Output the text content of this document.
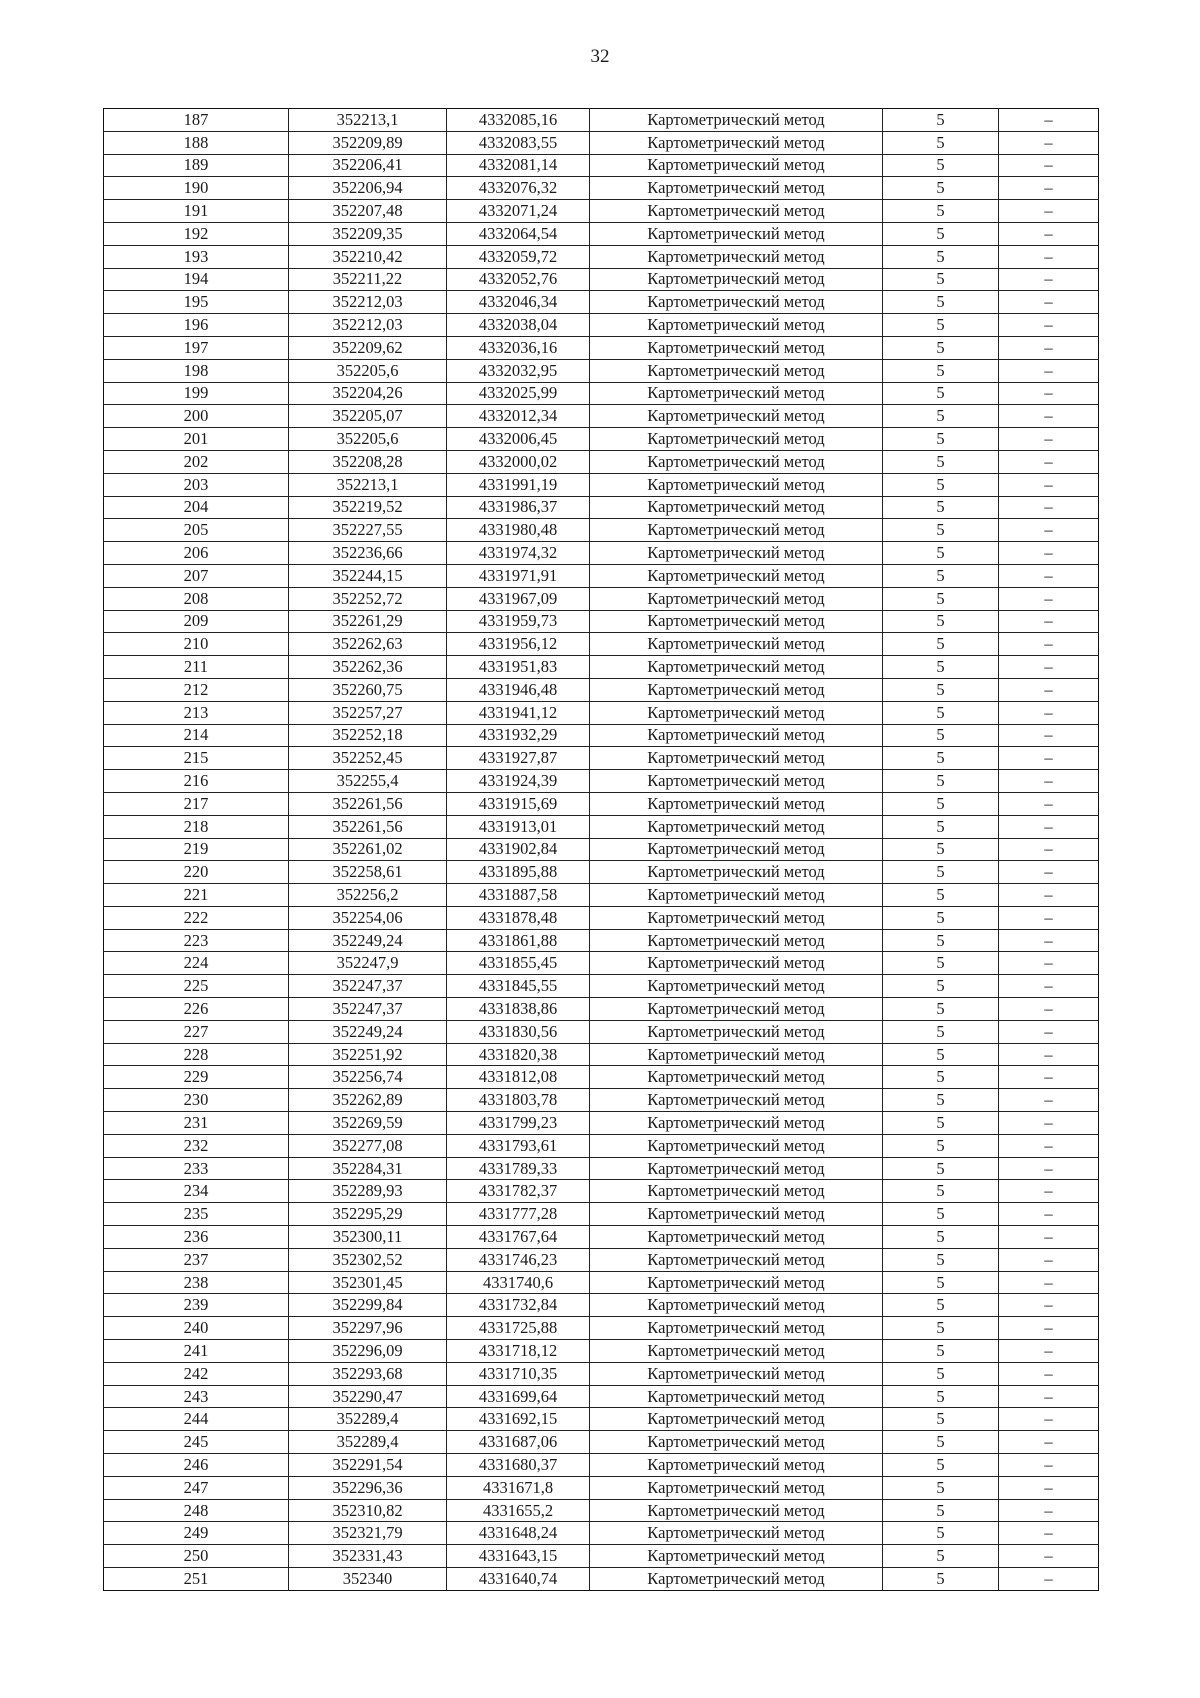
32
187	352213,1	4332085,16	Картометрический метод	5	–
188	352209,89	4332083,55	Картометрический метод	5	–
189	352206,41	4332081,14	Картометрический метод	5	–
190	352206,94	4332076,32	Картометрический метод	5	–
191	352207,48	4332071,24	Картометрический метод	5	–
192	352209,35	4332064,54	Картометрический метод	5	–
193	352210,42	4332059,72	Картометрический метод	5	–
194	352211,22	4332052,76	Картометрический метод	5	–
195	352212,03	4332046,34	Картометрический метод	5	–
196	352212,03	4332038,04	Картометрический метод	5	–
197	352209,62	4332036,16	Картометрический метод	5	–
198	352205,6	4332032,95	Картометрический метод	5	–
199	352204,26	4332025,99	Картометрический метод	5	–
200	352205,07	4332012,34	Картометрический метод	5	–
201	352205,6	4332006,45	Картометрический метод	5	–
202	352208,28	4332000,02	Картометрический метод	5	–
203	352213,1	4331991,19	Картометрический метод	5	–
204	352219,52	4331986,37	Картометрический метод	5	–
205	352227,55	4331980,48	Картометрический метод	5	–
206	352236,66	4331974,32	Картометрический метод	5	–
207	352244,15	4331971,91	Картометрический метод	5	–
208	352252,72	4331967,09	Картометрический метод	5	–
209	352261,29	4331959,73	Картометрический метод	5	–
210	352262,63	4331956,12	Картометрический метод	5	–
211	352262,36	4331951,83	Картометрический метод	5	–
212	352260,75	4331946,48	Картометрический метод	5	–
213	352257,27	4331941,12	Картометрический метод	5	–
214	352252,18	4331932,29	Картометрический метод	5	–
215	352252,45	4331927,87	Картометрический метод	5	–
216	352255,4	4331924,39	Картометрический метод	5	–
217	352261,56	4331915,69	Картометрический метод	5	–
218	352261,56	4331913,01	Картометрический метод	5	–
219	352261,02	4331902,84	Картометрический метод	5	–
220	352258,61	4331895,88	Картометрический метод	5	–
221	352256,2	4331887,58	Картометрический метод	5	–
222	352254,06	4331878,48	Картометрический метод	5	–
223	352249,24	4331861,88	Картометрический метод	5	–
224	352247,9	4331855,45	Картометрический метод	5	–
225	352247,37	4331845,55	Картометрический метод	5	–
226	352247,37	4331838,86	Картометрический метод	5	–
227	352249,24	4331830,56	Картометрический метод	5	–
228	352251,92	4331820,38	Картометрический метод	5	–
229	352256,74	4331812,08	Картометрический метод	5	–
230	352262,89	4331803,78	Картометрический метод	5	–
231	352269,59	4331799,23	Картометрический метод	5	–
232	352277,08	4331793,61	Картометрический метод	5	–
233	352284,31	4331789,33	Картометрический метод	5	–
234	352289,93	4331782,37	Картометрический метод	5	–
235	352295,29	4331777,28	Картометрический метод	5	–
236	352300,11	4331767,64	Картометрический метод	5	–
237	352302,52	4331746,23	Картометрический метод	5	–
238	352301,45	4331740,6	Картометрический метод	5	–
239	352299,84	4331732,84	Картометрический метод	5	–
240	352297,96	4331725,88	Картометрический метод	5	–
241	352296,09	4331718,12	Картометрический метод	5	–
242	352293,68	4331710,35	Картометрический метод	5	–
243	352290,47	4331699,64	Картометрический метод	5	–
244	352289,4	4331692,15	Картометрический метод	5	–
245	352289,4	4331687,06	Картометрический метод	5	–
246	352291,54	4331680,37	Картометрический метод	5	–
247	352296,36	4331671,8	Картометрический метод	5	–
248	352310,82	4331655,2	Картометрический метод	5	–
249	352321,79	4331648,24	Картометрический метод	5	–
250	352331,43	4331643,15	Картометрический метод	5	–
251	352340	4331640,74	Картометрический метод	5	–
